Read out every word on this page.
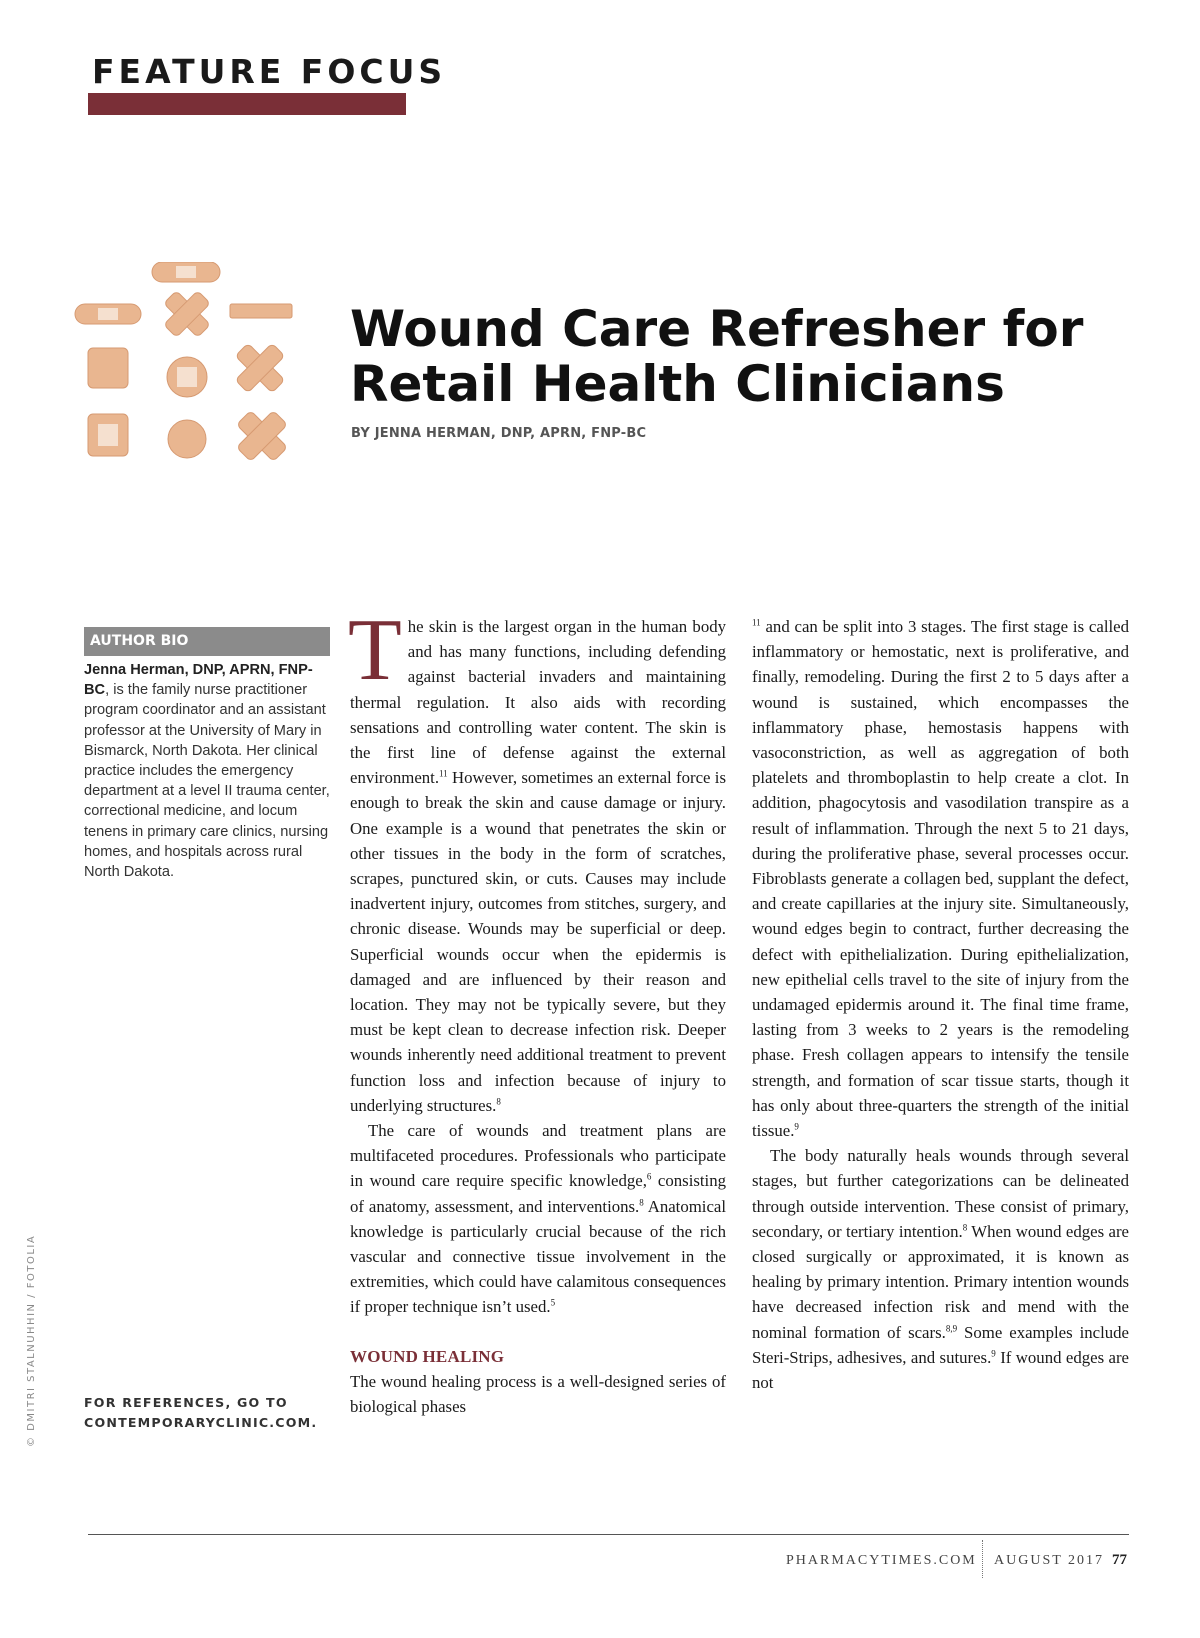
FEATURE FOCUS
Wound Care Refresher for Retail Health Clinicians
BY JENNA HERMAN, DNP, APRN, FNP-BC
AUTHOR BIO
Jenna Herman, DNP, APRN, FNP-BC, is the family nurse practitioner program coordinator and an assistant professor at the University of Mary in Bismarck, North Dakota. Her clinical practice includes the emergency department at a level II trauma center, correctional medicine, and locum tenens in primary care clinics, nursing homes, and hospitals across rural North Dakota.
FOR REFERENCES, GO TO CONTEMPORARYCLINIC.COM.
© DMITRI STALNUHHIN / FOTOLIA

The skin is the largest organ in the human body and has many functions, including defending against bacterial invaders and maintaining thermal regulation. It also aids with recording sensations and controlling water content. The skin is the first line of defense against the external environment.$^{11}$ However, sometimes an external force is enough to break the skin and cause damage or injury. One example is a wound that penetrates the skin or other tissues in the body in the form of scratches, scrapes, punctured skin, or cuts. Causes may include inadvertent injury, outcomes from stitches, surgery, and chronic disease. Wounds may be superficial or deep. Superficial wounds occur when the epidermis is damaged and are influenced by their reason and location. They may not be typically severe, but they must be kept clean to decrease infection risk. Deeper wounds inherently need additional treatment to prevent function loss and infection because of injury to underlying structures.$^8$

The care of wounds and treatment plans are multifaceted procedures. Professionals who participate in wound care require specific knowledge,$^6$ consisting of anatomy, assessment, and interventions.$^8$ Anatomical knowledge is particularly crucial because of the rich vascular and connective tissue involvement in the extremities, which could have calamitous consequences if proper technique isn’t used.$^5$

WOUND HEALING

The wound healing process is a well-designed series of biological phases

$^{11}$ and can be split into 3 stages. The first stage is called inflammatory or hemostatic, next is proliferative, and finally, remodeling. During the first 2 to 5 days after a wound is sustained, which encompasses the inflammatory phase, hemostasis happens with vasoconstriction, as well as aggregation of both platelets and thromboplastin to help create a clot. In addition, phagocytosis and vasodilation transpire as a result of inflammation. Through the next 5 to 21 days, during the proliferative phase, several processes occur. Fibroblasts generate a collagen bed, supplant the defect, and create capillaries at the injury site. Simultaneously, wound edges begin to contract, further decreasing the defect with epithelialization. During epithelialization, new epithelial cells travel to the site of injury from the undamaged epidermis around it. The final time frame, lasting from 3 weeks to 2 years is the remodeling phase. Fresh collagen appears to intensify the tensile strength, and formation of scar tissue starts, though it has only about three-quarters the strength of the initial tissue.$^9$

The body naturally heals wounds through several stages, but further categorizations can be delineated through outside intervention. These consist of primary, secondary, or tertiary intention.$^8$ When wound edges are closed surgically or approximated, it is known as healing by primary intention. Primary intention wounds have decreased infection risk and mend with the nominal formation of scars.$^{8,9}$ Some examples include Steri-Strips, adhesives, and sutures.$^9$ If wound edges are not

PHARMACYTIMES.COM AUGUST 2017 77
